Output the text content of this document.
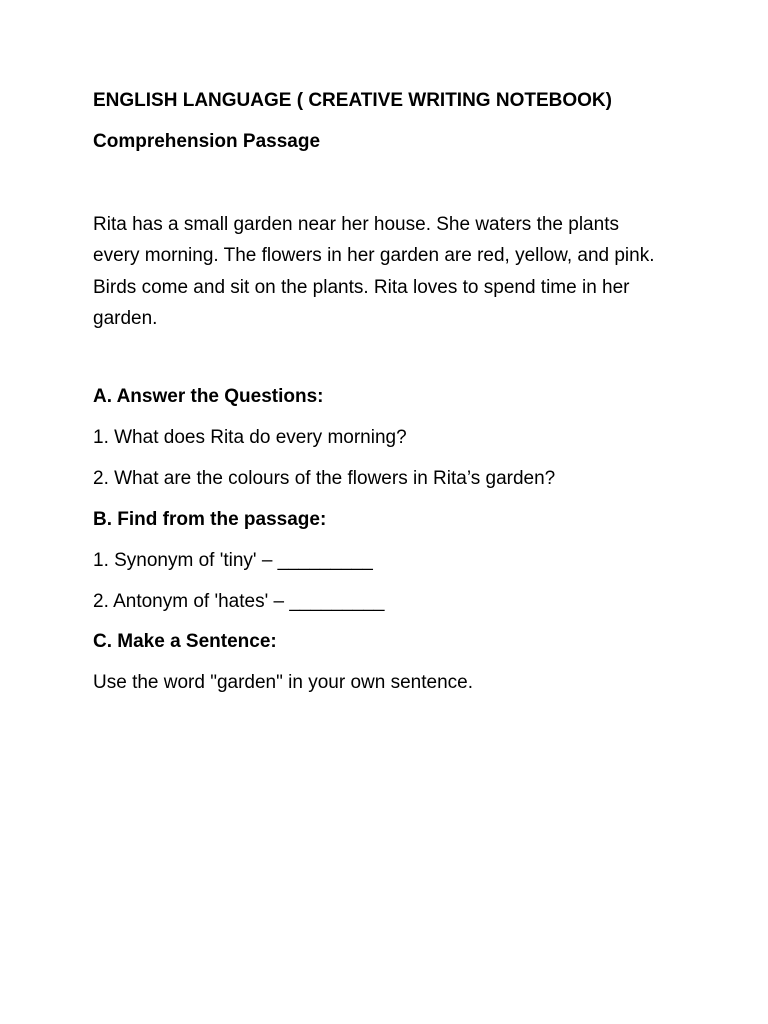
ENGLISH LANGUAGE ( CREATIVE WRITING NOTEBOOK)
Comprehension Passage
Rita has a small garden near her house. She waters the plants every morning. The flowers in her garden are red, yellow, and pink. Birds come and sit on the plants. Rita loves to spend time in her garden.
A. Answer the Questions:
1. What does Rita do every morning?
2. What are the colours of the flowers in Rita’s garden?
B. Find from the passage:
1. Synonym of 'tiny' – _________
2. Antonym of 'hates' – _________
C. Make a Sentence:
Use the word "garden" in your own sentence.
